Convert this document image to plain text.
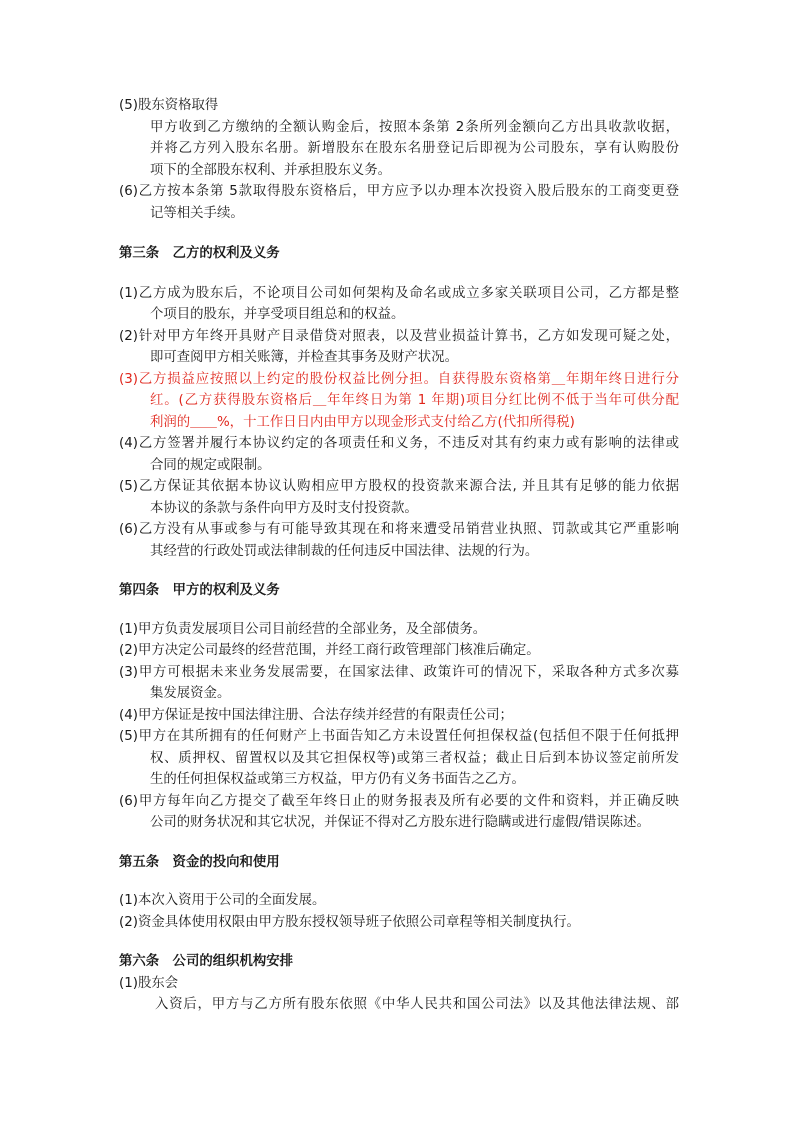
(5)股东资格取得
甲方收到乙方缴纳的全额认购金后，按照本条第 2条所列金额向乙方出具收款收据，
并将乙方列入股东名册。新增股东在股东名册登记后即视为公司股东，享有认购股份
项下的全部股东权利、并承担股东义务。
(6)乙方按本条第 5款取得股东资格后，甲方应予以办理本次投资入股后股东的工商变更登
记等相关手续。
第三条　乙方的权利及义务
(1)乙方成为股东后，不论项目公司如何架构及命名或成立多家关联项目公司，乙方都是整
个项目的股东，并享受项目组总和的权益。
(2)针对甲方年终开具财产目录借贷对照表，以及营业损益计算书，乙方如发现可疑之处，
即可查阅甲方相关账簿，并检查其事务及财产状况。
(3)乙方损益应按照以上约定的股份权益比例分担。自获得股东资格第＿年期年终日进行分
红。(乙方获得股东资格后＿年年终日为第 1 年期)项目分红比例不低于当年可供分配
利润的＿＿%，十工作日日内由甲方以现金形式支付给乙方(代扣所得税)
(4)乙方签署并履行本协议约定的各项责任和义务，不违反对其有约束力或有影响的法律或
合同的规定或限制。
(5)乙方保证其依据本协议认购相应甲方股权的投资款来源合法, 并且其有足够的能力依据
本协议的条款与条件向甲方及时支付投资款。
(6)乙方没有从事或参与有可能导致其现在和将来遭受吊销营业执照、罚款或其它严重影响
其经营的行政处罚或法律制裁的任何违反中国法律、法规的行为。
第四条　甲方的权利及义务
(1)甲方负责发展项目公司目前经营的全部业务，及全部债务。
(2)甲方决定公司最终的经营范围，并经工商行政管理部门核准后确定。
(3)甲方可根据未来业务发展需要，在国家法律、政策许可的情况下，采取各种方式多次募
集发展资金。
(4)甲方保证是按中国法律注册、合法存续并经营的有限责任公司；
(5)甲方在其所拥有的任何财产上书面告知乙方未设置任何担保权益(包括但不限于任何抵押
权、质押权、留置权以及其它担保权等)或第三者权益；截止日后到本协议签定前所发
生的任何担保权益或第三方权益，甲方仍有义务书面告之乙方。
(6)甲方每年向乙方提交了截至年终日止的财务报表及所有必要的文件和资料，并正确反映
公司的财务状况和其它状况，并保证不得对乙方股东进行隐瞒或进行虚假/错误陈述。
第五条　资金的投向和使用
(1)本次入资用于公司的全面发展。
(2)资金具体使用权限由甲方股东授权领导班子依照公司章程等相关制度执行。
第六条　公司的组织机构安排
(1)股东会
入资后，甲方与乙方所有股东依照《中华人民共和国公司法》以及其他法律法规、部
